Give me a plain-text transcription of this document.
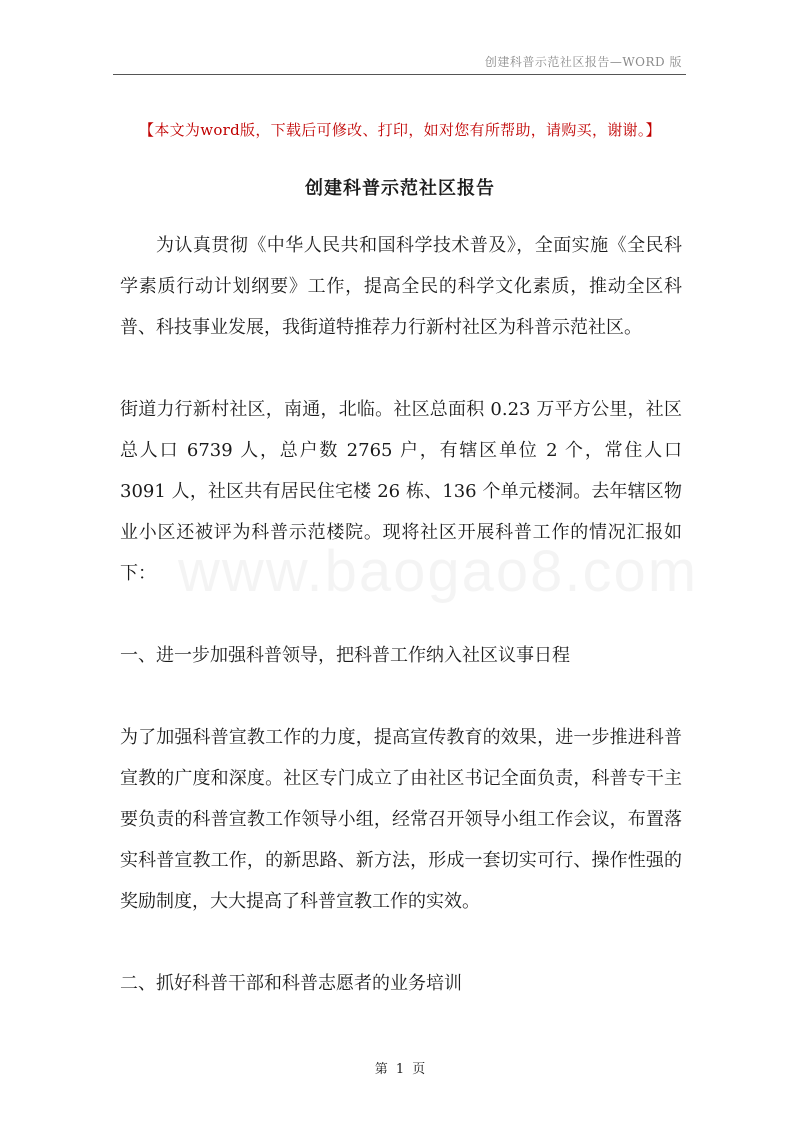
创建科普示范社区报告—WORD 版
【本文为word版，下载后可修改、打印，如对您有所帮助，请购买，谢谢。】
创建科普示范社区报告

为认真贯彻《中华人民共和国科学技术普及》，全面实施《全民科学素质行动计划纲要》工作，提高全民的科学文化素质，推动全区科普、科技事业发展，我街道特推荐力行新村社区为科普示范社区。

街道力行新村社区，南通，北临。社区总面积 0.23 万平方公里，社区总人口 6739 人，总户数 2765 户，有辖区单位 2 个，常住人口 3091 人，社区共有居民住宅楼 26 栋、136 个单元楼洞。去年辖区物业小区还被评为科普示范楼院。现将社区开展科普工作的情况汇报如下：

一、进一步加强科普领导，把科普工作纳入社区议事日程

为了加强科普宣教工作的力度，提高宣传教育的效果，进一步推进科普宣教的广度和深度。社区专门成立了由社区书记全面负责，科普专干主要负责的科普宣教工作领导小组，经常召开领导小组工作会议，布置落实科普宣教工作，的新思路、新方法，形成一套切实可行、操作性强的奖励制度，大大提高了科普宣教工作的实效。

二、抓好科普干部和科普志愿者的业务培训

第 1 页
